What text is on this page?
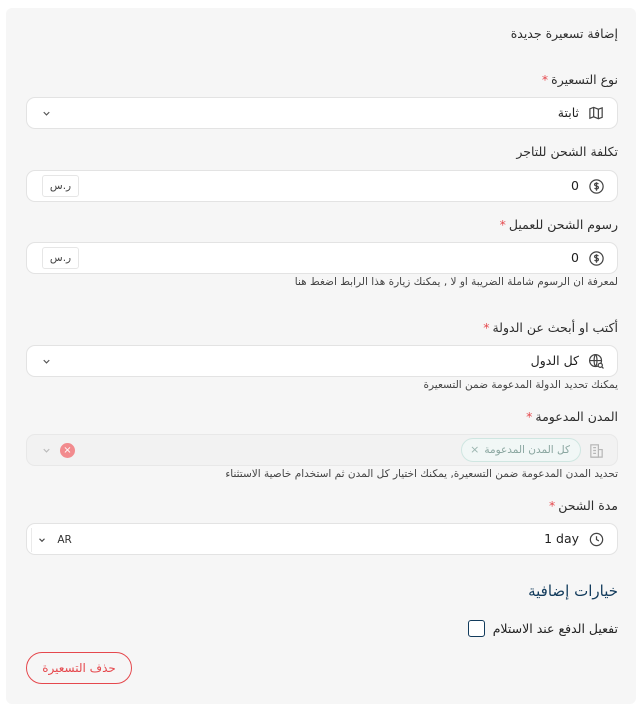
إضافة تسعيرة جديدة
نوع التسعيرة*
ثابتة
تكلفة الشحن للتاجر
0
ر.س
رسوم الشحن للعميل*
0
ر.س
لمعرفة ان الرسوم شاملة الضريبة او لا , يمكنك زيارة هذا الرابط اضغط هنا
أكتب او أبحث عن الدولة*
كل الدول
يمكنك تحديد الدولة المدعومة ضمن التسعيرة
المدن المدعومة*
كل المدن المدعومة
×
×
تحديد المدن المدعومة ضمن التسعيرة, يمكنك اختيار كل المدن ثم استخدام خاصية الاستثناء
مدة الشحن*
1 day
AR
خيارات إضافية
تفعيل الدفع عند الاستلام
حذف التسعيرة
